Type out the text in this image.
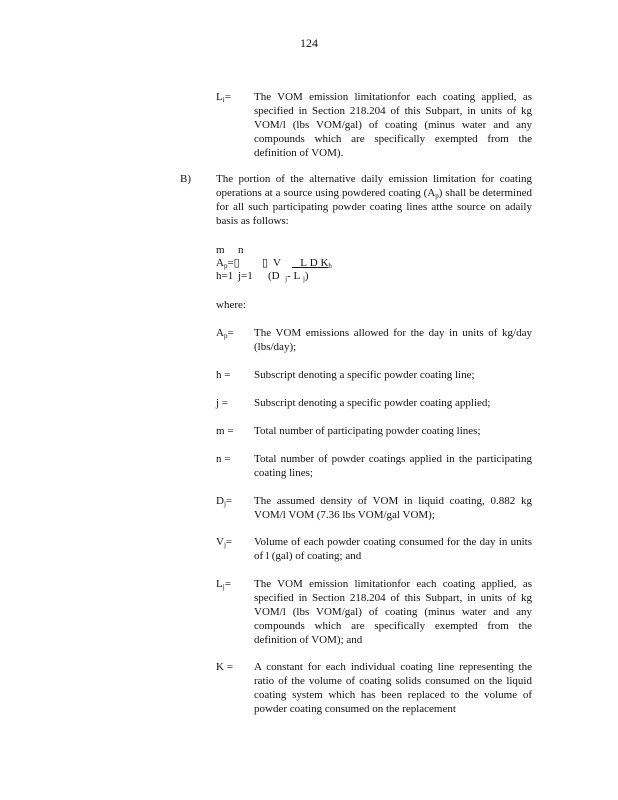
124
$L_i=$ The VOM emission limitationfor each coating applied, as specified in Section 218.204 of this Subpart, in units of kg VOM/l (lbs VOM/gal) of coating (minus water and any compounds which are specifically exempted from the definition of VOM).
B) The portion of the alternative daily emission limitation for coating operations at a source using powdered coating $(A_p)$ shall be determined for all such participating powder coating lines atthe source on adaily basis as follows:
m n
$A_p=▯$ ▯ V	L D $K_h$
h=1 j=1 (D $_j$- L $_j$)
where:
$A_p=$ The VOM emissions allowed for the day in units of kg/day (lbs/day);
h = Subscript denoting a specific powder coating line;
j = Subscript denoting a specific powder coating applied;
m = Total number of participating powder coating lines;
n = Total number of powder coatings applied in the participating coating lines;
$D_j=$ The assumed density of VOM in liquid coating, 0.882 kg VOM/l VOM (7.36 lbs VOM/gal VOM);
$V_j=$ Volume of each powder coating consumed for the day in units of l (gal) of coating; and
$L_j=$ The VOM emission limitationfor each coating applied, as specified in Section 218.204 of this Subpart, in units of kg VOM/l (lbs VOM/gal) of coating (minus water and any compounds which are specifically exempted from the definition of VOM); and
K = A constant for each individual coating line representing the ratio of the volume of coating solids consumed on the liquid coating system which has been replaced to the volume of powder coating consumed on the replacement
